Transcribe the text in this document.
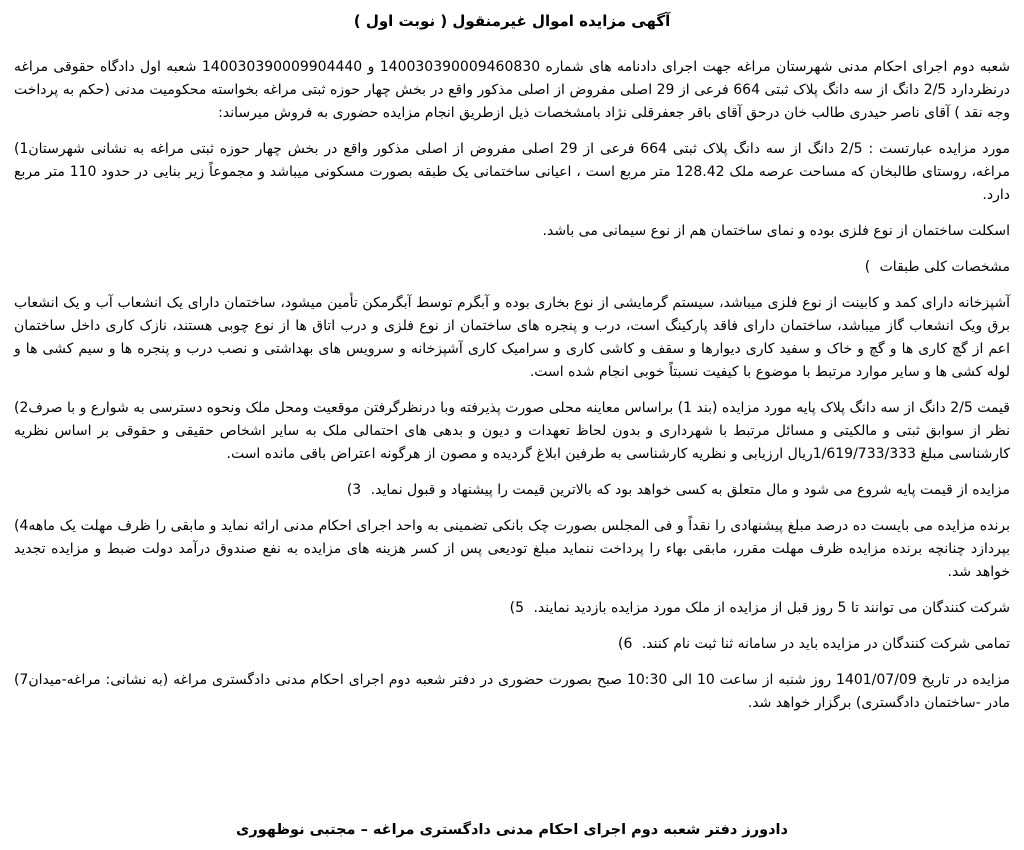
9001
♛
آگهی مزایده اموال غیرمنقول ( نوبت اول )

شعبه دوم اجرای احکام مدنی شهرستان مراغه جهت اجرای دادنامه های شماره 140030390009460830 و 140030390009904440 شعبه اول دادگاه حقوقی مراغه درنظردارد 2/5 دانگ از سه دانگ پلاک ثبتی 664 فرعی از 29 اصلی مفروض از اصلی مذکور واقع در بخش چهار حوزه ثبتی مراغه بخواسته محکومیت مدنی (حکم به پرداخت وجه نقد ) آقای ناصر حیدری طالب خان درحق آقای باقر جعفرقلی نژاد بامشخصات ذیل ازطریق انجام مزایده حضوری به فروش میرساند:

(1 مورد مزایده عبارتست : 2/5 دانگ از سه دانگ پلاک ثبتی 664 فرعی از 29 اصلی مفروض از اصلی مذکور واقع در بخش چهار حوزه ثبتی مراغه به نشانی شهرستان مراغه، روستای طالبخان که مساحت عرصه ملک 128.42 متر مربع است ، اعیانی ساختمانی یک طبقه بصورت مسکونی میباشد و مجموعاً زیر بنایی در حدود 110 متر مربع دارد.

اسکلت ساختمان از نوع فلزی بوده و نمای ساختمان هم از نوع سیمانی می باشد.

مشخصات کلی طبقات (

آشپزخانه دارای کمد و کابینت از نوع فلزی میباشد، سیستم گرمایشی از نوع بخاری بوده و آبگرم توسط آبگرمکن تأمین میشود، ساختمان دارای یک انشعاب آب و یک انشعاب برق ویک انشعاب گاز میباشد، ساختمان دارای فاقد پارکینگ است، درب و پنجره های ساختمان از نوع فلزی و درب اتاق ها از نوع چوبی هستند، نازک کاری داخل ساختمان اعم از گچ کاری ها و گچ و خاک و سفید کاری دیوارها و سقف و کاشی کاری و سرامیک کاری آشپزخانه و سرویس های بهداشتی و نصب درب و پنجره ها و سیم کشی ها و لوله کشی ها و سایر موارد مرتبط با موضوع با کیفیت نسبتاً خوبی انجام شده است.

(2 قیمت 2/5 دانگ از سه دانگ پلاک پایه مورد مزایده (بند 1) براساس معاینه محلی صورت پذیرفته وبا درنظرگرفتن موقعیت ومحل ملک ونحوه دسترسی به شوارع و با صرف نظر از سوابق ثبتی و مالکیتی و مسائل مرتبط با شهرداری و بدون لحاظ تعهدات و دیون و بدهی های احتمالی ملک به سایر اشخاص حقیقی و حقوقی بر اساس نظریه کارشناسی مبلغ 1/619/733/333ریال ارزیابی و نظریه کارشناسی به طرفین ابلاغ گردیده و مصون از هرگونه اعتراض باقی مانده است.

مزایده از قیمت پایه شروع می شود و مال متعلق به کسی خواهد بود که بالاترین قیمت را پیشنهاد و قبول نماید. (3

(4 برنده مزایده می بایست ده درصد مبلغ پیشنهادی را نقداً و فی المجلس بصورت چک بانکی تضمینی به واحد اجرای احکام مدنی ارائه نماید و مابقی را ظرف مهلت یک ماهه بپردازد چنانچه برنده مزایده ظرف مهلت مقرر، مابقی بهاء را پرداخت ننماید مبلغ تودیعی پس از کسر هزینه های مزایده به نفع صندوق درآمد دولت ضبط و مزایده تجدید خواهد شد.

شرکت کنندگان می توانند تا 5 روز قبل از مزایده از ملک مورد مزایده بازدید نمایند. (5

تمامی شرکت کنندگان در مزایده باید در سامانه ثنا ثبت نام کنند. (6

(7 مزایده در تاریخ 1401/07/09 روز شنبه از ساعت 10 الی 10:30 صبح بصورت حضوری در دفتر شعبه دوم اجرای احکام مدنی دادگستری مراغه (به نشانی: مراغه-میدان مادر -ساختمان دادگستری) برگزار خواهد شد.

دادورز دفتر شعبه دوم اجرای احکام مدنی دادگستری مراغه – مجتبی نوظهوری
